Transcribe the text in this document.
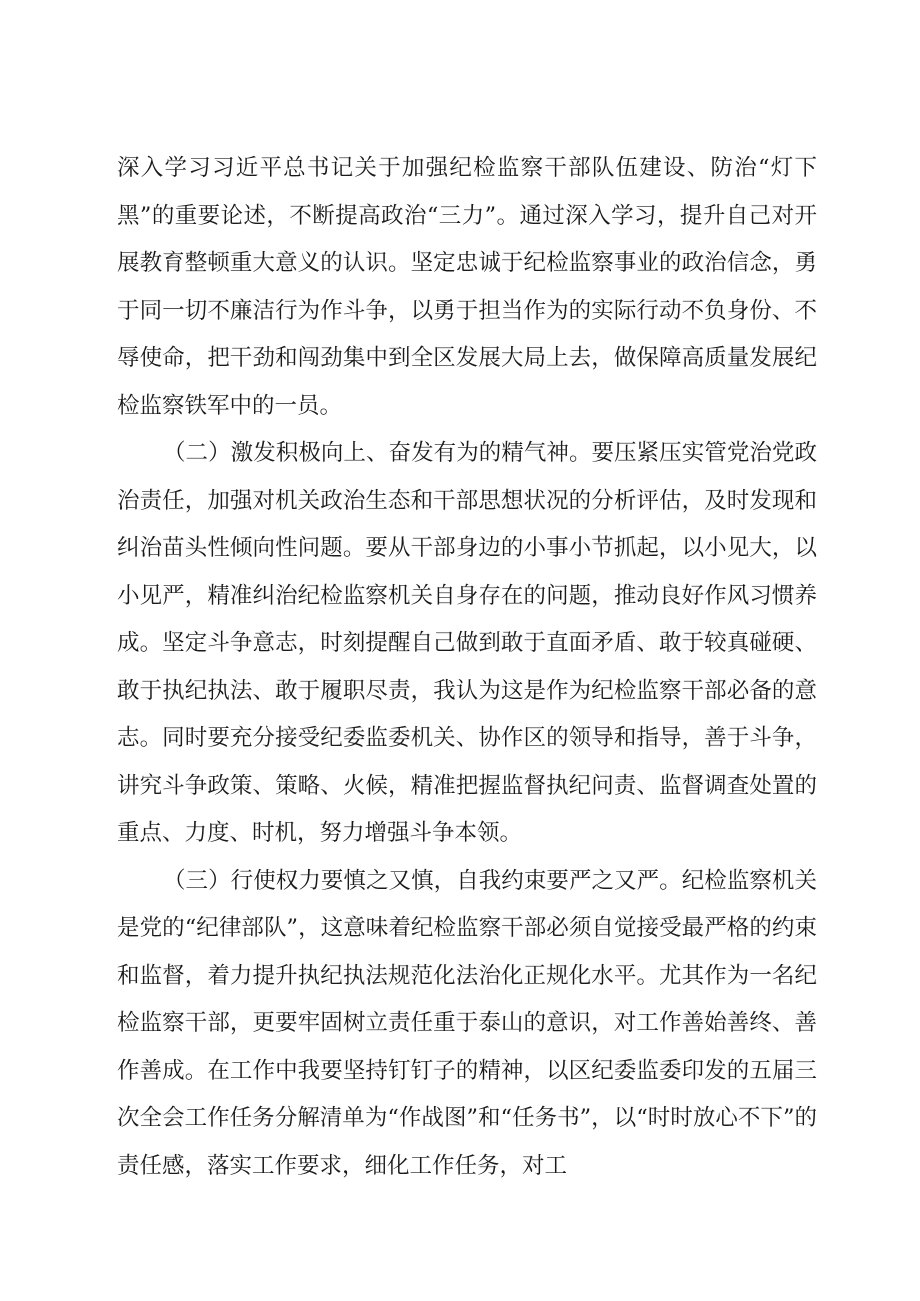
深入学习习近平总书记关于加强纪检监察干部队伍建设、防治“灯下黑”的重要论述，不断提高政治“三力”。通过深入学习，提升自己对开展教育整顿重大意义的认识。坚定忠诚于纪检监察事业的政治信念，勇于同一切不廉洁行为作斗争，以勇于担当作为的实际行动不负身份、不辱使命，把干劲和闯劲集中到全区发展大局上去，做保障高质量发展纪检监察铁军中的一员。

（二）激发积极向上、奋发有为的精气神。要压紧压实管党治党政治责任，加强对机关政治生态和干部思想状况的分析评估，及时发现和纠治苗头性倾向性问题。要从干部身边的小事小节抓起，以小见大，以小见严，精准纠治纪检监察机关自身存在的问题，推动良好作风习惯养成。坚定斗争意志，时刻提醒自己做到敢于直面矛盾、敢于较真碰硬、敢于执纪执法、敢于履职尽责，我认为这是作为纪检监察干部必备的意志。同时要充分接受纪委监委机关、协作区的领导和指导，善于斗争，讲究斗争政策、策略、火候，精准把握监督执纪问责、监督调查处置的重点、力度、时机，努力增强斗争本领。

（三）行使权力要慎之又慎，自我约束要严之又严。纪检监察机关是党的“纪律部队”，这意味着纪检监察干部必须自觉接受最严格的约束和监督，着力提升执纪执法规范化法治化正规化水平。尤其作为一名纪检监察干部，更要牢固树立责任重于泰山的意识，对工作善始善终、善作善成。在工作中我要坚持钉钉子的精神，以区纪委监委印发的五届三次全会工作任务分解清单为“作战图”和“任务书”，以“时时放心不下”的责任感，落实工作要求，细化工作任务，对工
